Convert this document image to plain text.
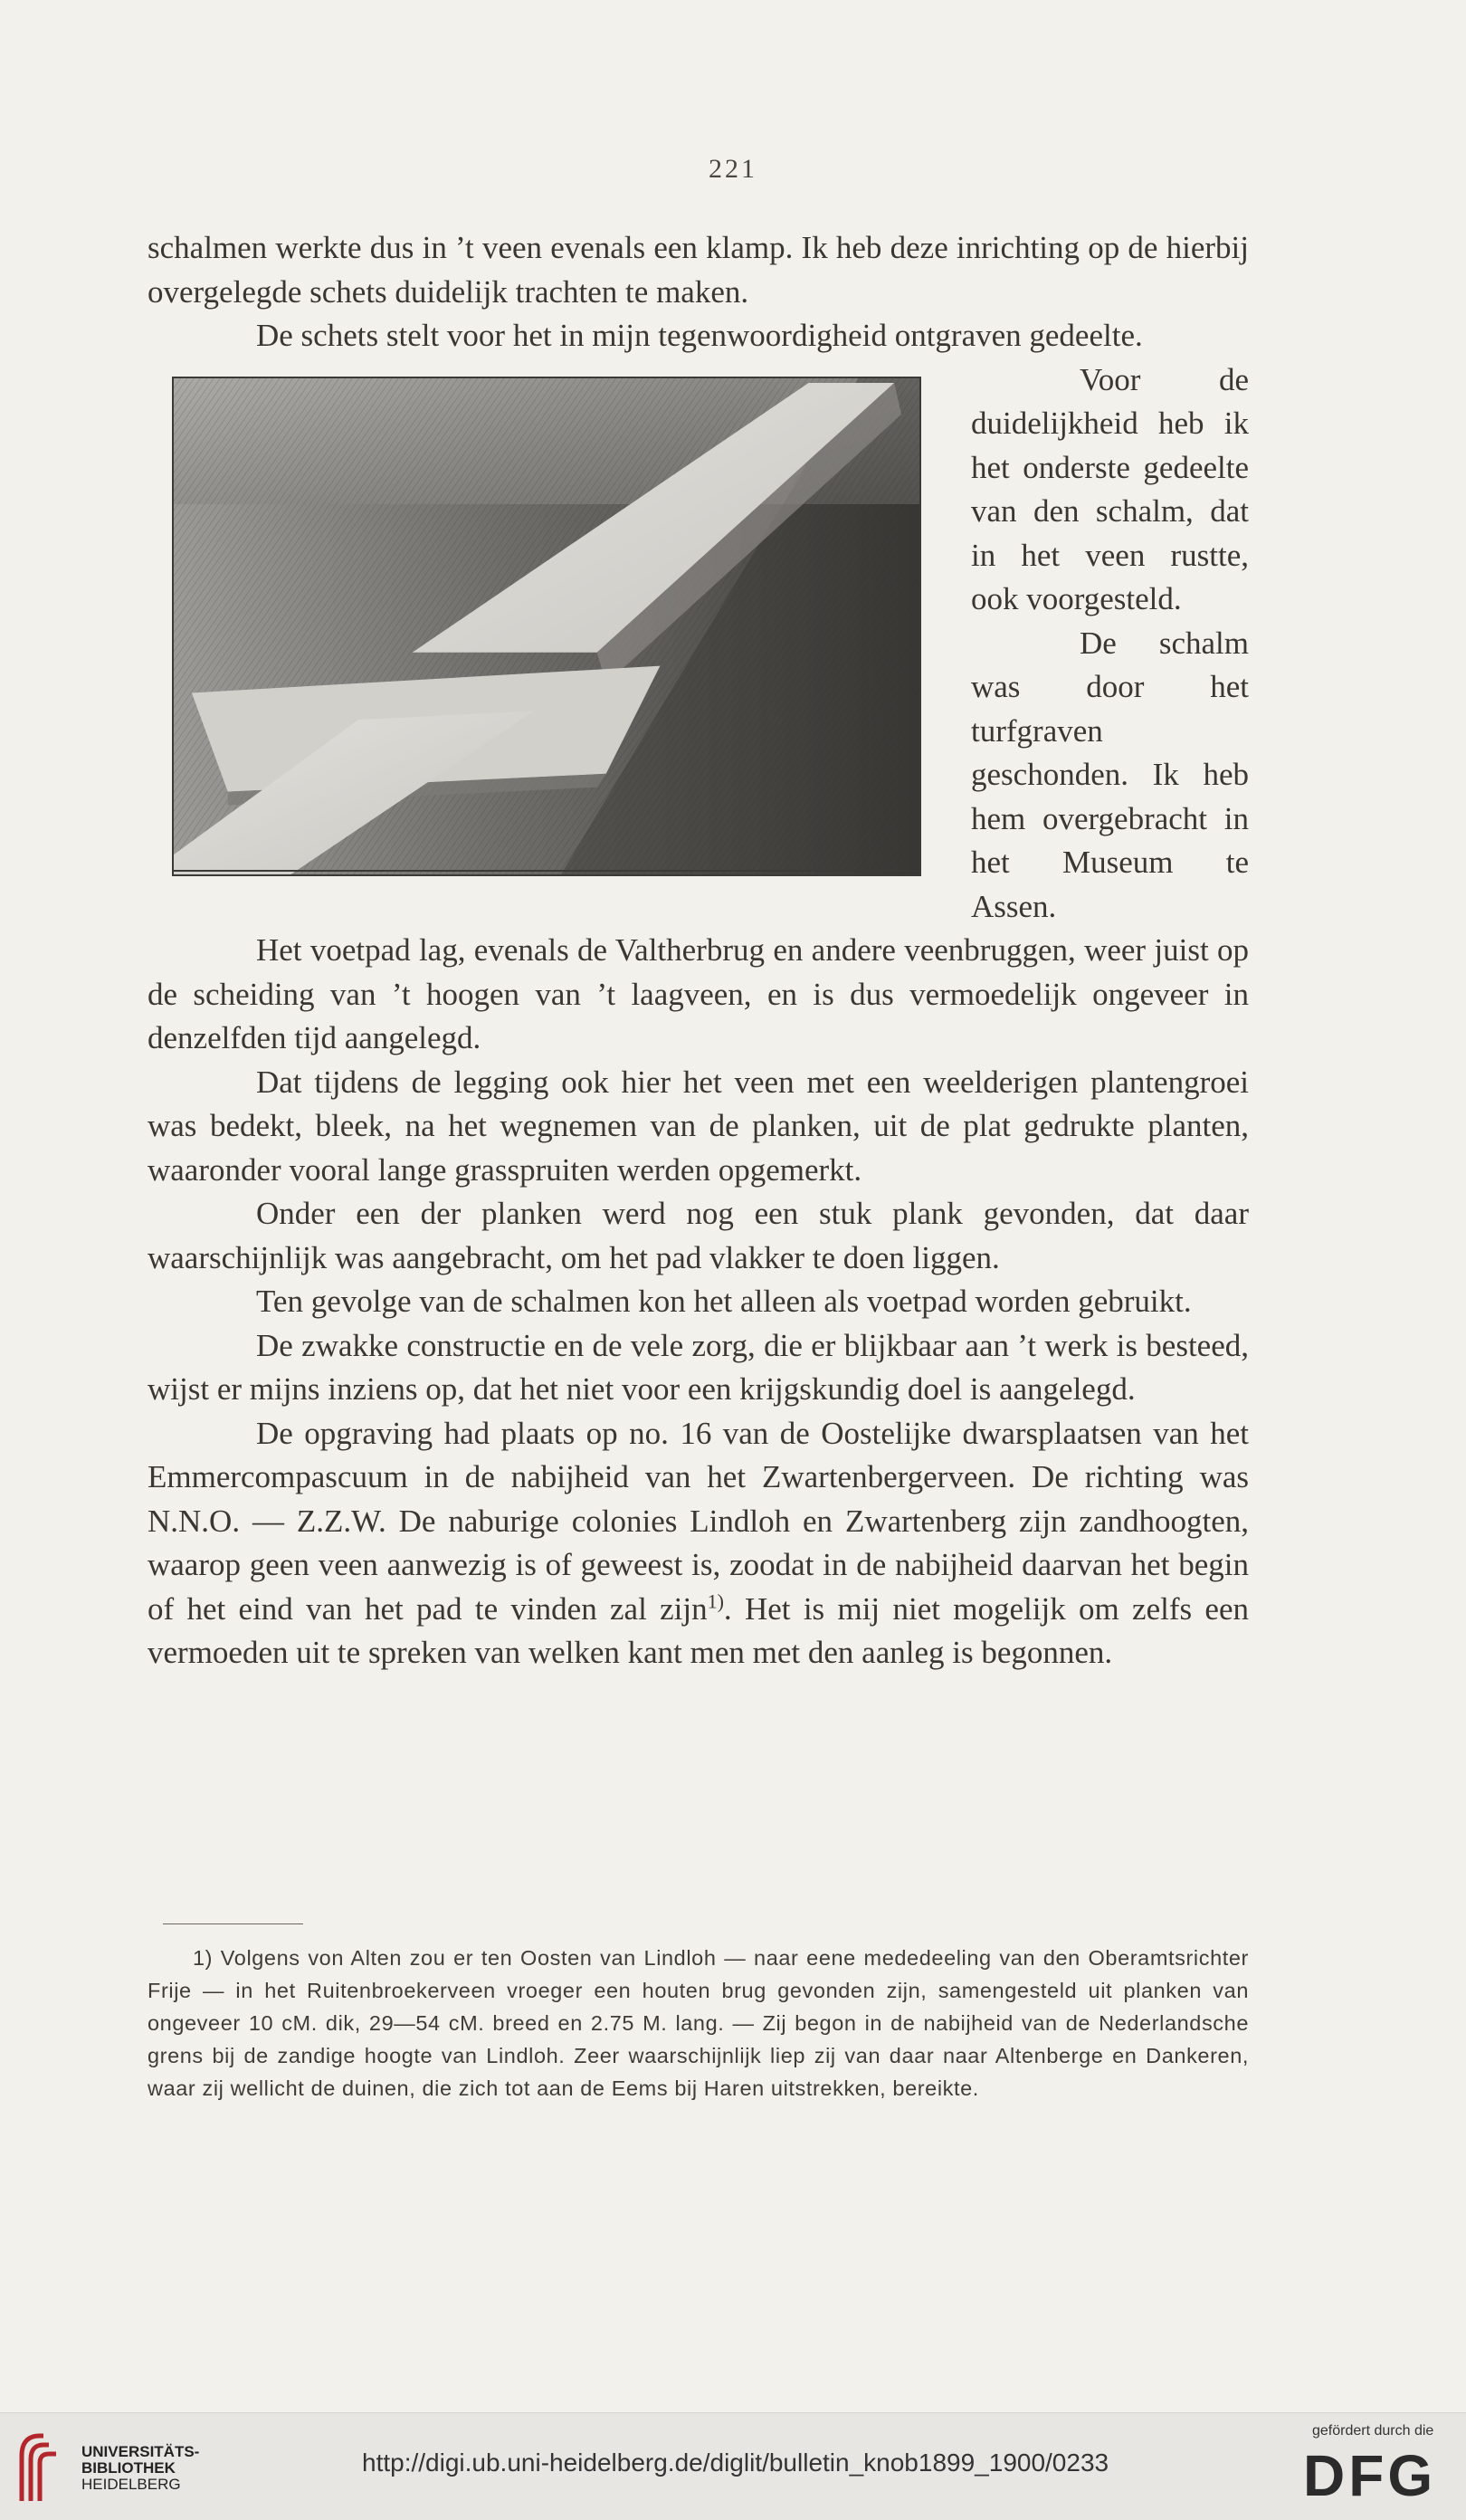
221

schalmen werkte dus in ’t veen evenals een klamp. Ik heb deze inrichting op de hierbij overgelegde schets duidelijk trachten te maken.

De schets stelt voor het in mijn tegenwoordigheid ontgraven gedeelte.

Voor de duidelijkheid heb ik het onderste gedeelte van den schalm, dat in het veen rustte, ook voorgesteld.

De schalm was door het turfgraven geschonden. Ik heb hem overgebracht in het Museum te Assen.

Het voetpad lag, evenals de Valtherbrug en andere veenbruggen, weer juist op de scheiding van ’t hoogen van ’t laagveen, en is dus vermoedelijk ongeveer in denzelfden tijd aangelegd.

Dat tijdens de legging ook hier het veen met een weelderigen plantengroei was bedekt, bleek, na het wegnemen van de planken, uit de plat gedrukte planten, waaronder vooral lange grasspruiten werden opgemerkt.

Onder een der planken werd nog een stuk plank gevonden, dat daar waarschijnlijk was aangebracht, om het pad vlakker te doen liggen.

Ten gevolge van de schalmen kon het alleen als voetpad worden gebruikt.

De zwakke constructie en de vele zorg, die er blijkbaar aan ’t werk is besteed, wijst er mijns inziens op, dat het niet voor een krijgskundig doel is aangelegd.

De opgraving had plaats op no. 16 van de Oostelijke dwarsplaatsen van het Emmercompascuum in de nabijheid van het Zwartenbergerveen. De richting was N.N.O. — Z.Z.W. De naburige colonies Lindloh en Zwartenberg zijn zandhoogten, waarop geen veen aanwezig is of geweest is, zoodat in de nabijheid daarvan het begin of het eind van het pad te vinden zal zijn$^{1)}$. Het is mij niet mogelijk om zelfs een vermoeden uit te spreken van welken kant men met den aanleg is begonnen.

1) Volgens von Alten zou er ten Oosten van Lindloh — naar eene mededeeling van den Oberamtsrichter Frije — in het Ruitenbroekerveen vroeger een houten brug gevonden zijn, samengesteld uit planken van ongeveer 10 cM. dik, 29—54 cM. breed en 2.75 M. lang. — Zij begon in de nabijheid van de Nederlandsche grens bij de zandige hoogte van Lindloh. Zeer waarschijnlijk liep zij van daar naar Altenberge en Dankeren, waar zij wellicht de duinen, die zich tot aan de Eems bij Haren uitstrekken, bereikte.

UNIVERSITÄTS-
BIBLIOTHEK
HEIDELBERG
http://digi.ub.uni-heidelberg.de/diglit/bulletin_knob1899_1900/0233
gefördert durch die
DFG
